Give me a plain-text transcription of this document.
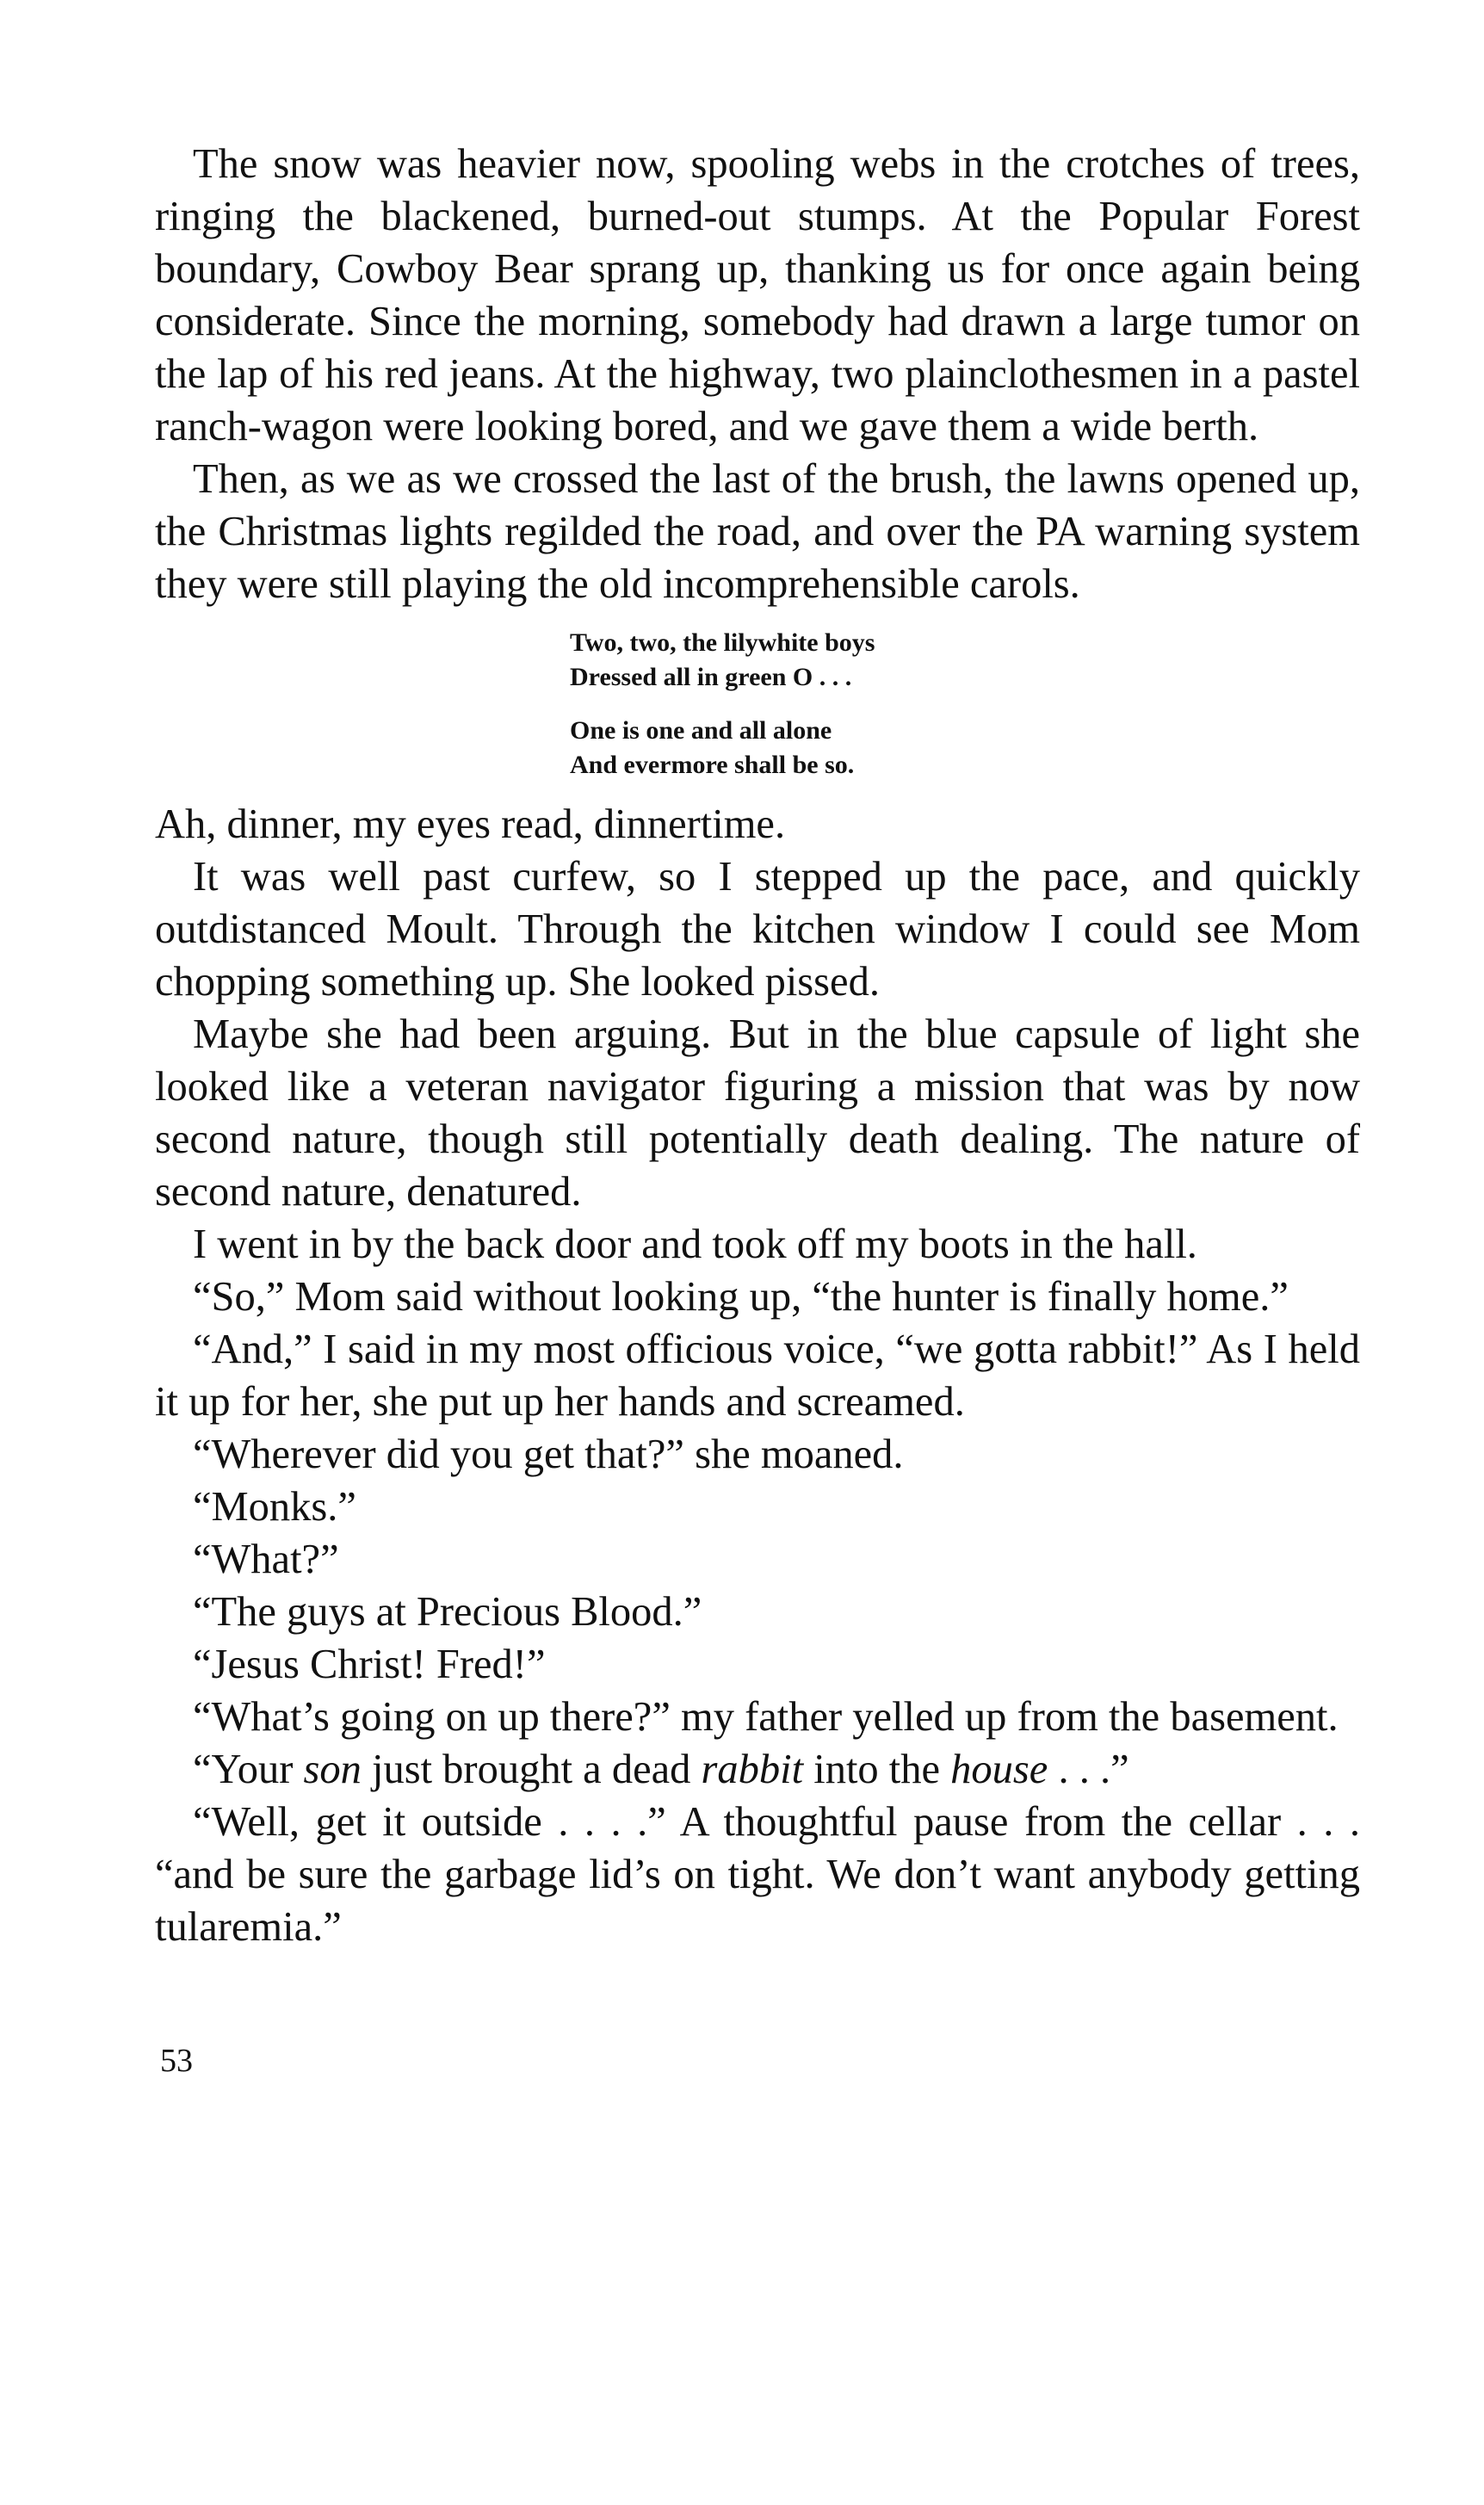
The snow was heavier now, spooling webs in the crotches of trees, ringing the blackened, burned-out stumps. At the Popular Forest boundary, Cowboy Bear sprang up, thanking us for once again being considerate. Since the morning, somebody had drawn a large tumor on the lap of his red jeans. At the highway, two plainclothesmen in a pastel ranch-wagon were looking bored, and we gave them a wide berth.

Then, as we as we crossed the last of the brush, the lawns opened up, the Christmas lights regilded the road, and over the PA warning system they were still playing the old incomprehensible carols.

Two, two, the lilywhite boys
Dressed all in green O . . .
One is one and all alone
And evermore shall be so.

Ah, dinner, my eyes read, dinnertime.

It was well past curfew, so I stepped up the pace, and quickly outdistanced Moult. Through the kitchen window I could see Mom chopping something up. She looked pissed.

Maybe she had been arguing. But in the blue capsule of light she looked like a veteran navigator figuring a mission that was by now second nature, though still potentially death dealing. The nature of second nature, denatured.

I went in by the back door and took off my boots in the hall.

“So,” Mom said without looking up, “the hunter is finally home.”

“And,” I said in my most officious voice, “we gotta rabbit!” As I held it up for her, she put up her hands and screamed.

“Wherever did you get that?” she moaned.

“Monks.”

“What?”

“The guys at Precious Blood.”

“Jesus Christ! Fred!”

“What’s going on up there?” my father yelled up from the basement.

“Your son just brought a dead rabbit into the house . . .”

“Well, get it outside . . . .” A thoughtful pause from the cellar . . . “and be sure the garbage lid’s on tight. We don’t want anybody getting tularemia.”

53
